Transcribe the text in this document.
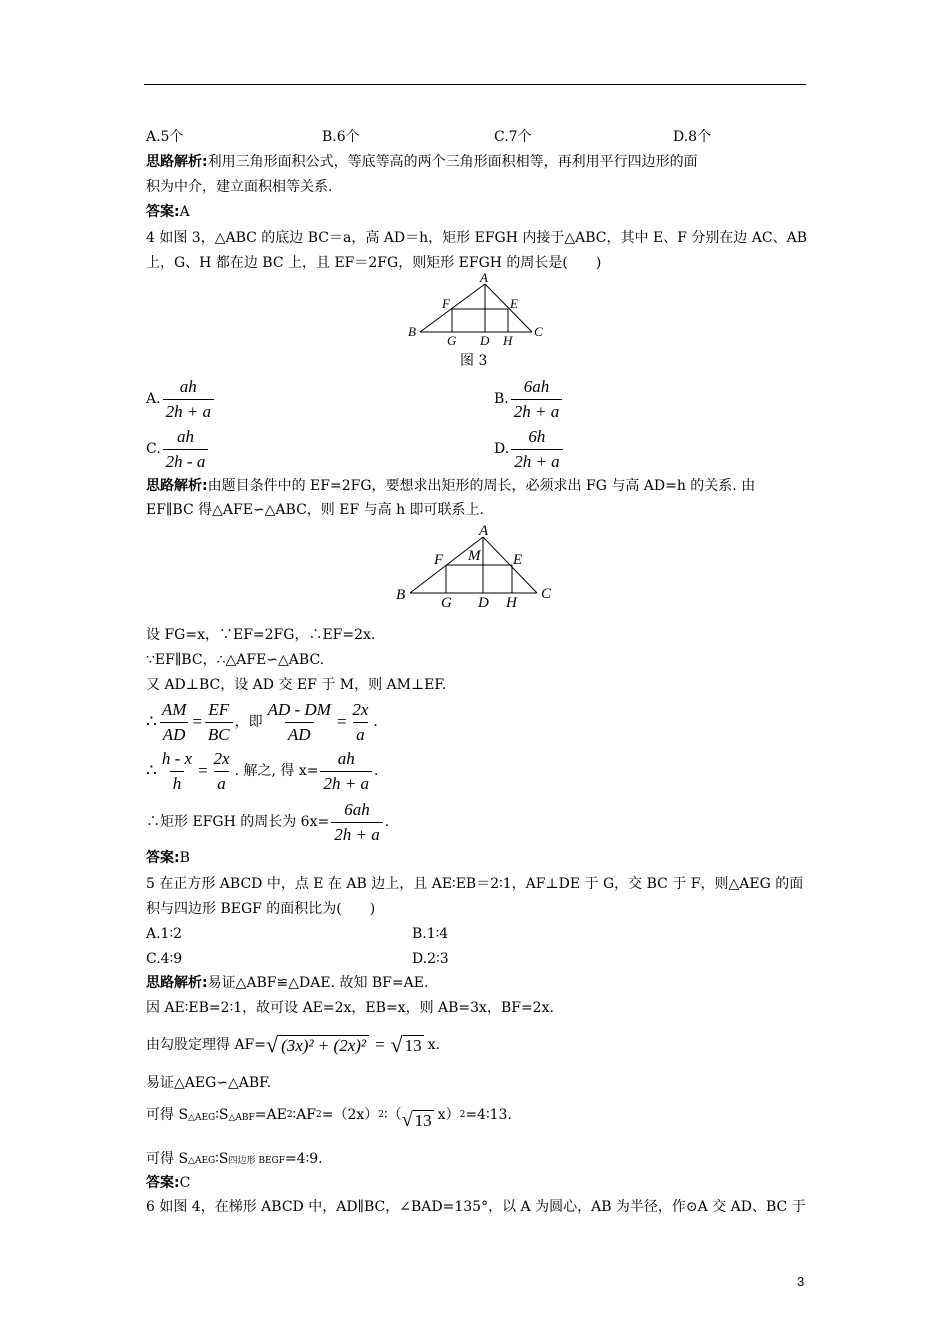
A.5个	B.6个	C.7个	D.8个
思路解析:利用三角形面积公式，等底等高的两个三角形面积相等，再利用平行四边形的面
积为中介，建立面积相等关系.
答案:A
4 如图 3，△ABC 的底边 BC＝a，高 AD＝h，矩形 EFGH 内接于△ABC，其中 E、F 分别在边 AC、AB
上，G、H 都在边 BC 上，且 EF＝2FG，则矩形 EFGH 的周长是(　　)
A
B	C
D
E
F
G	H
图 3
A. $\frac{ah}{2h + a}$	B. $\frac{6ah}{2h + a}$
C. $\frac{ah}{2h - a}$	D. $\frac{6h}{2h + a}$
思路解析:由题目条件中的 EF=2FG，要想求出矩形的周长，必须求出 FG 与高 AD=h 的关系. 由
EF∥BC 得△AFE∽△ABC，则 EF 与高 h 即可联系上.
A
B	C
D
E
F
G	H
M
设 FG=x，∵EF=2FG，∴EF=2x.
∵EF∥BC，∴△AFE∽△ABC.
又 AD⊥BC，设 AD 交 EF 于 M，则 AM⊥EF.
∴ $\frac{AM}{AD} = \frac{EF}{BC}$ ，即 $\frac{AD - DM}{AD} = \frac{2x}{a}$ .
∴ $\frac{h - x}{h} = \frac{2x}{a}$ . 解之, 得 $x= \frac{ah}{2h + a}$ .
∴矩形 EFGH 的周长为 $6x= \frac{6ah}{2h + a}$ .
答案:B
5 在正方形 ABCD 中，点 E 在 AB 边上，且 AE∶EB＝2∶1，AF⊥DE 于 G，交 BC 于 F，则△AEG 的面
积与四边形 BEGF 的面积比为(　　)
A.1∶2	B.1∶4
C.4∶9	D.2∶3
思路解析:易证△ABF≌△DAE. 故知 BF=AE.
因 AE∶EB=2∶1，故可设 AE=2x，EB=x，则 AB=3x，BF=2x.
由勾股定理得 AF= √ (3x)² + (2x)² = √ 13 x.
易证△AEG∽△ABF.
可得 S △AEG ∶S △ABF =AE 2 ∶AF 2 =（2x） 2 ∶（ √ 13 x） 2 =4∶13.
可得 S△AEG∶S四边形 BEGF=4∶9.
答案:C
6 如图 4，在梯形 ABCD 中，AD∥BC，∠BAD=135°，以 A 为圆心，AB 为半径，作⊙A 交 AD、BC 于
3
